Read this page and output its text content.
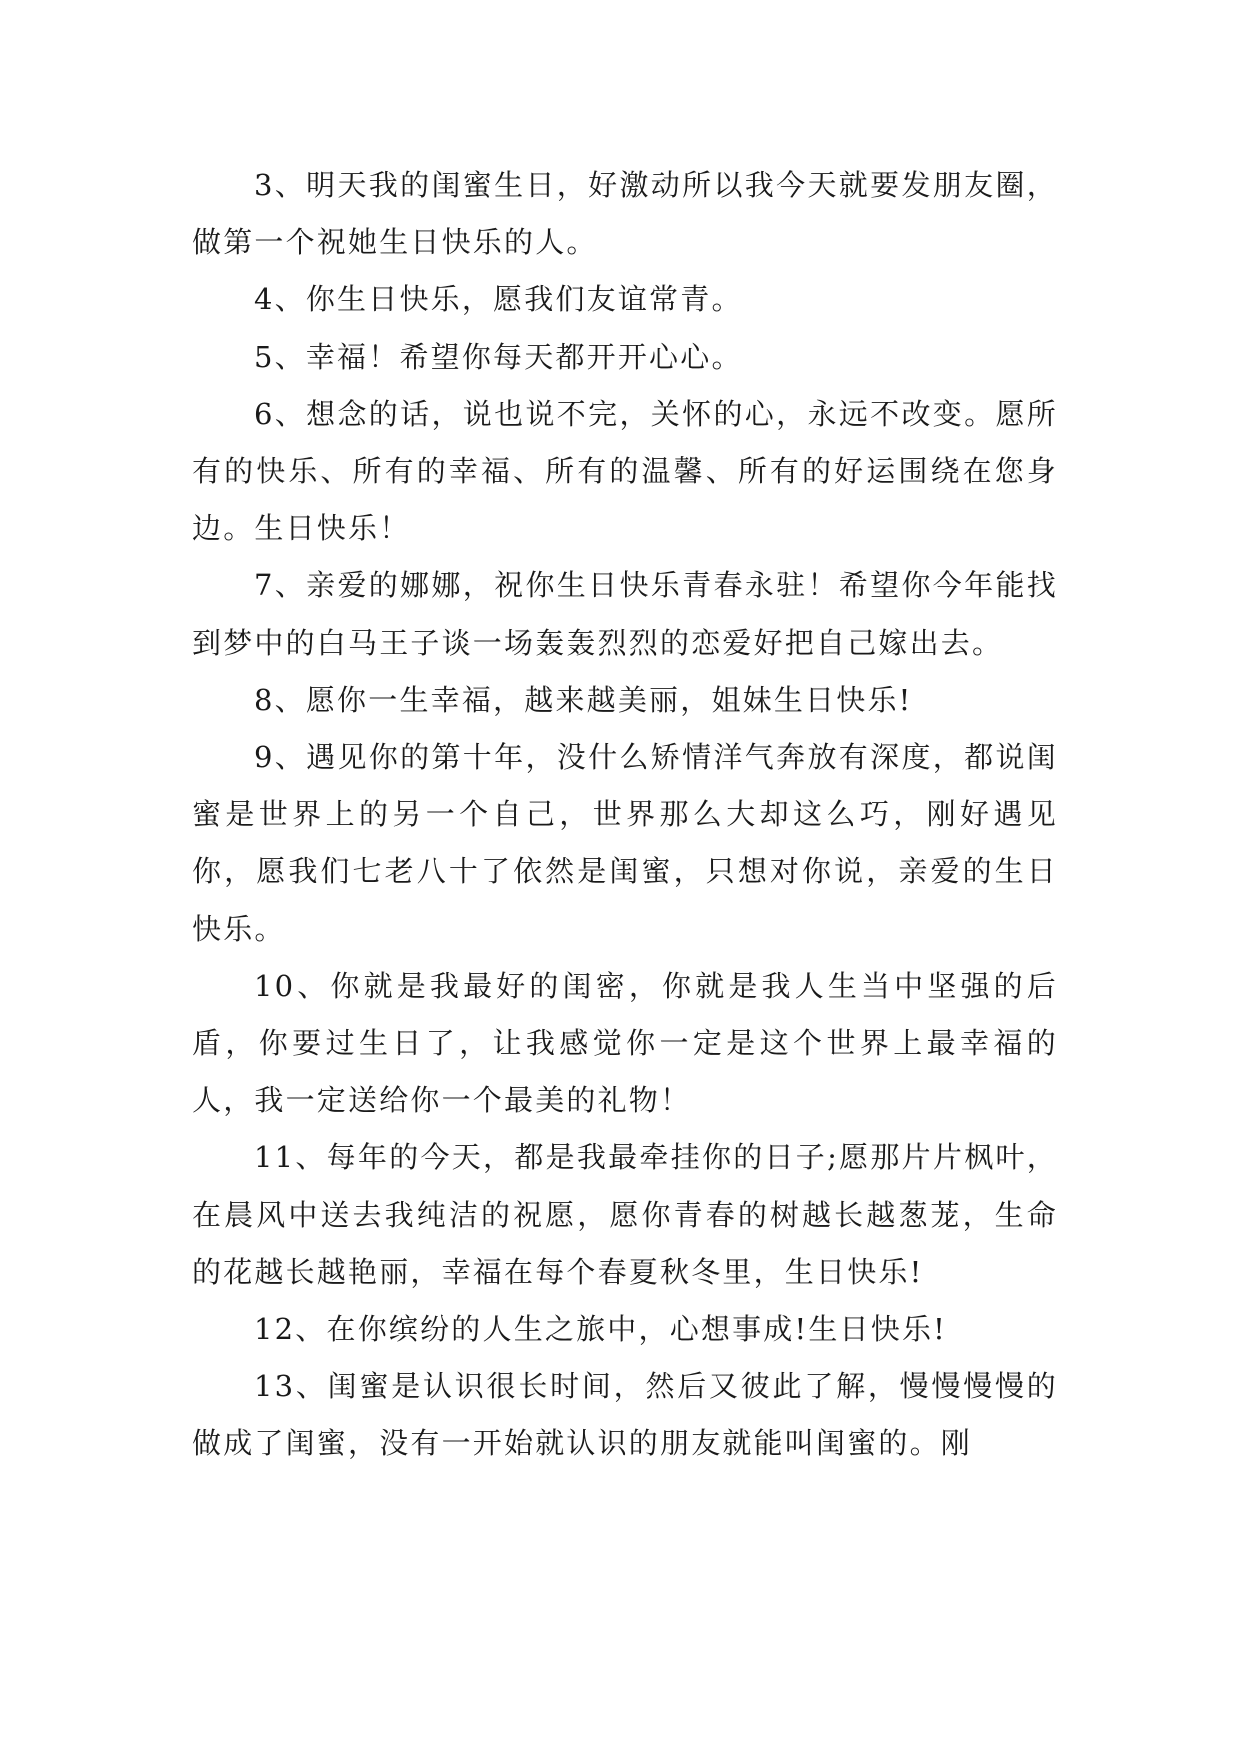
3、明天我的闺蜜生日，好激动所以我今天就要发朋友圈，做第一个祝她生日快乐的人。

4、你生日快乐，愿我们友谊常青。

5、幸福！希望你每天都开开心心。

6、想念的话，说也说不完，关怀的心，永远不改变。愿所有的快乐、所有的幸福、所有的温馨、所有的好运围绕在您身边。生日快乐！

7、亲爱的娜娜，祝你生日快乐青春永驻！希望你今年能找到梦中的白马王子谈一场轰轰烈烈的恋爱好把自己嫁出去。

8、愿你一生幸福，越来越美丽，姐妹生日快乐!

9、遇见你的第十年，没什么矫情洋气奔放有深度，都说闺蜜是世界上的另一个自己，世界那么大却这么巧，刚好遇见你，愿我们七老八十了依然是闺蜜，只想对你说，亲爱的生日快乐。

10、你就是我最好的闺密，你就是我人生当中坚强的后盾，你要过生日了，让我感觉你一定是这个世界上最幸福的人，我一定送给你一个最美的礼物！

11、每年的今天，都是我最牵挂你的日子;愿那片片枫叶，在晨风中送去我纯洁的祝愿，愿你青春的树越长越葱茏，生命的花越长越艳丽，幸福在每个春夏秋冬里，生日快乐!

12、在你缤纷的人生之旅中，心想事成!生日快乐!

13、闺蜜是认识很长时间，然后又彼此了解，慢慢慢慢的做成了闺蜜，没有一开始就认识的朋友就能叫闺蜜的。刚
